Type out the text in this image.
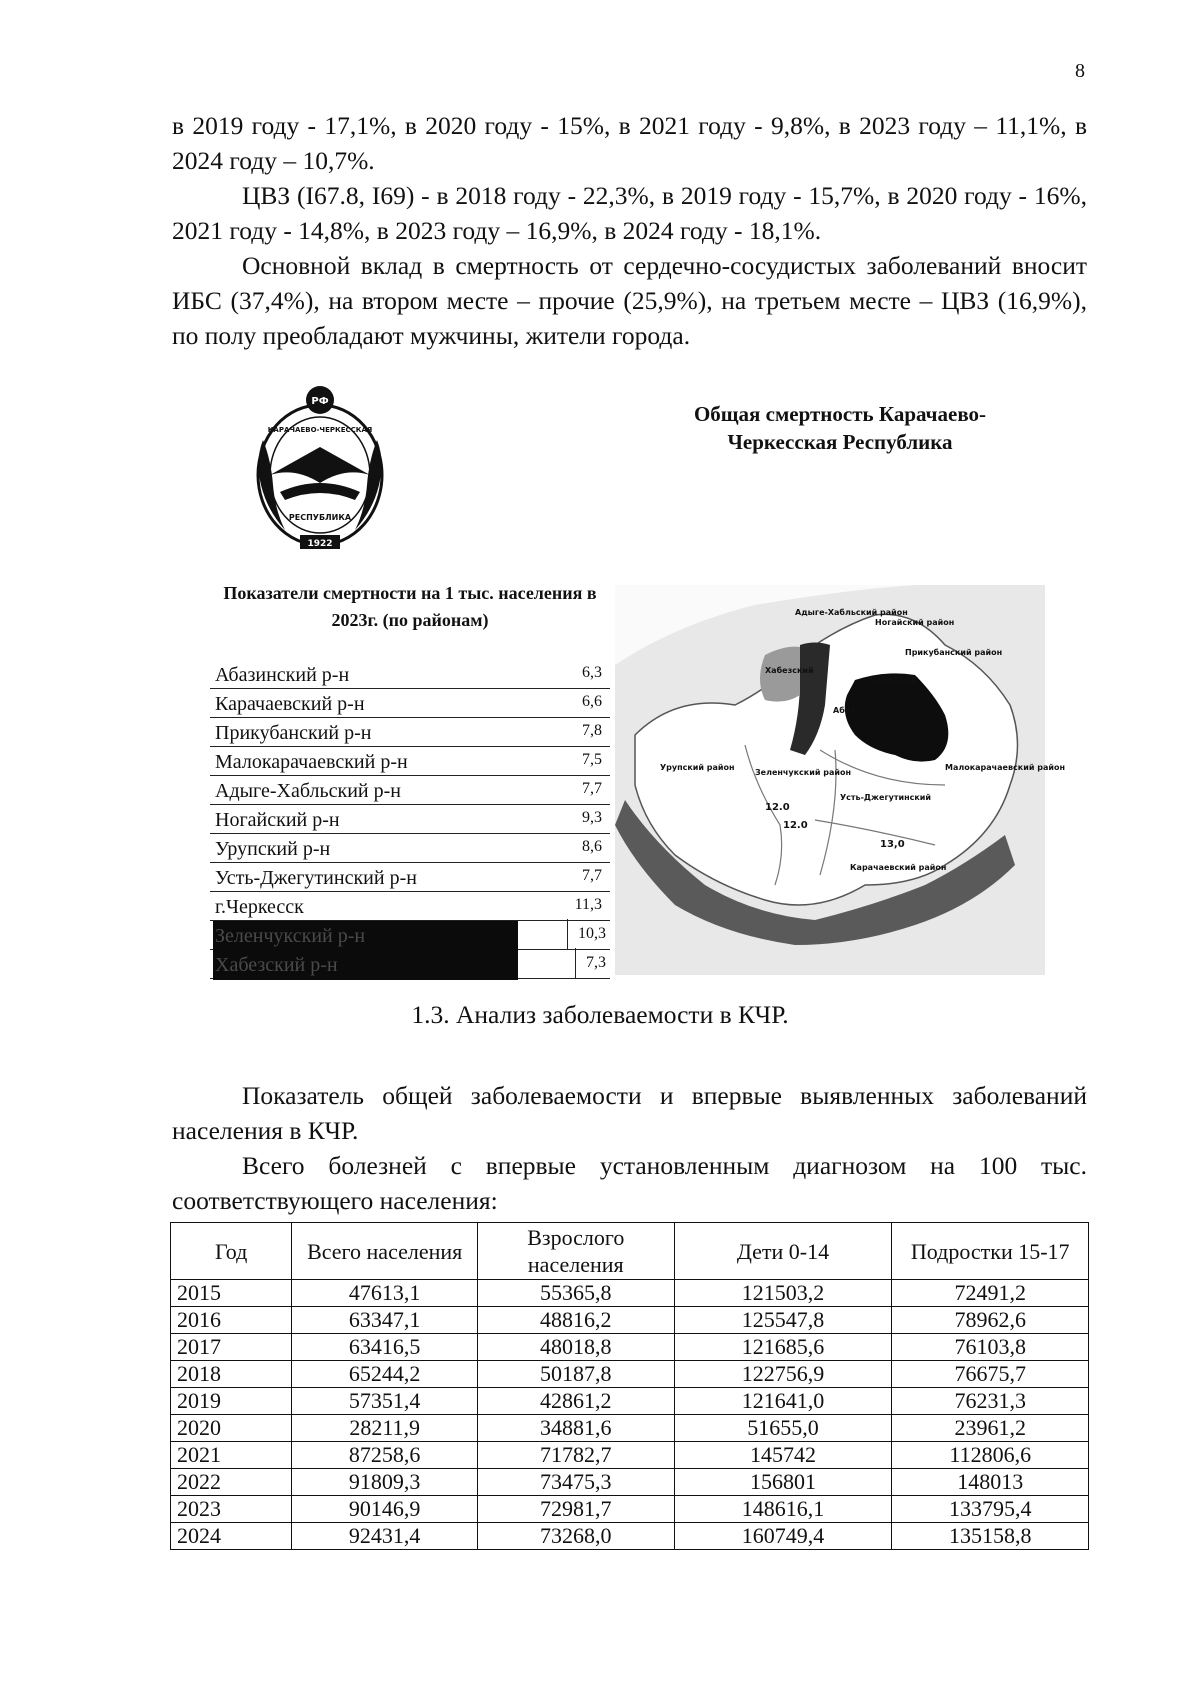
8

в 2019 году - 17,1%, в 2020 году - 15%, в 2021 году - 9,8%, в 2023 году – 11,1%, в 2024 году – 10,7%.

ЦВЗ (I67.8, I69) - в 2018 году - 22,3%, в 2019 году - 15,7%, в 2020 году - 16%, 2021 году - 14,8%, в 2023 году – 16,9%, в 2024 году - 18,1%.

Основной вклад в смертность от сердечно-сосудистых заболеваний вносит ИБС (37,4%), на втором месте – прочие (25,9%), на третьем месте – ЦВЗ (16,9%), по полу преобладают мужчины, жители города.

РФ
1922
КАРАЧАЕВО-ЧЕРКЕССКАЯ
РЕСПУБЛИКА
Общая смертность Карачаево-Черкесская Республика
Показатели смертности на 1 тыс. населения в 2023г. (по районам)
Абазинский р-н	6,3
Карачаевский р-н	6,6
Прикубанский р-н	7,8
Малокарачаевский р-н	7,5
Адыге-Хабльский р-н	7,7
Ногайский р-н	9,3
Урупский р-н	8,6
Усть-Джегутинский р-н	7,7
г.Черкесск	11,3
Зеленчукский р-н	10,3
Хабезский р-н	7,3
Адыге-Хабльский район
Ногайский район
Прикубанский район
Хабезский
ЧЕРКЕССК
Абаз.
Урупский район
Зеленчукский район
Усть-Джегутинский
Малокарачаевский район
Карачаевский район
12.0
12.0
13,0
1.3. Анализ заболеваемости в КЧР.

Показатель общей заболеваемости и впервые выявленных заболеваний населения в КЧР.

Всего болезней с впервые установленным диагнозом на 100 тыс. соответствующего населения:

Год	Всего населения	Взрослого населения	Дети 0-14	Подростки 15-17
2015	47613,1	55365,8	121503,2	72491,2
2016	63347,1	48816,2	125547,8	78962,6
2017	63416,5	48018,8	121685,6	76103,8
2018	65244,2	50187,8	122756,9	76675,7
2019	57351,4	42861,2	121641,0	76231,3
2020	28211,9	34881,6	51655,0	23961,2
2021	87258,6	71782,7	145742	112806,6
2022	91809,3	73475,3	156801	148013
2023	90146,9	72981,7	148616,1	133795,4
2024	92431,4	73268,0	160749,4	135158,8
